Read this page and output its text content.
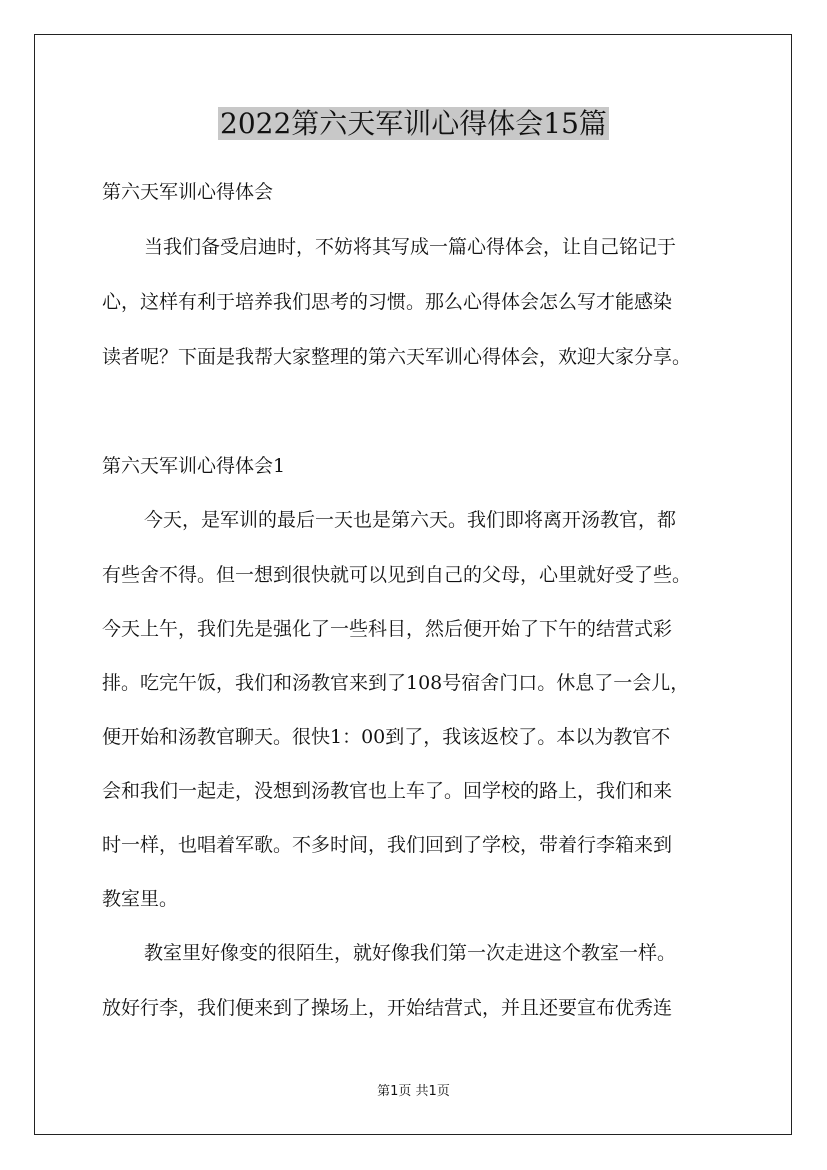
2022第六天军训心得体会15篇

第六天军训心得体会

当我们备受启迪时，不妨将其写成一篇心得体会，让自己铭记于

心，这样有利于培养我们思考的习惯。那么心得体会怎么写才能感染

读者呢？下面是我帮大家整理的第六天军训心得体会，欢迎大家分享。

第六天军训心得体会1

今天，是军训的最后一天也是第六天。我们即将离开汤教官，都

有些舍不得。但一想到很快就可以见到自己的父母，心里就好受了些。

今天上午，我们先是强化了一些科目，然后便开始了下午的结营式彩

排。吃完午饭，我们和汤教官来到了108号宿舍门口。休息了一会儿，

便开始和汤教官聊天。很快1：00到了，我该返校了。本以为教官不

会和我们一起走，没想到汤教官也上车了。回学校的路上，我们和来

时一样，也唱着军歌。不多时间，我们回到了学校，带着行李箱来到

教室里。

教室里好像变的很陌生，就好像我们第一次走进这个教室一样。

放好行李，我们便来到了操场上，开始结营式，并且还要宣布优秀连

第1页 共1页
